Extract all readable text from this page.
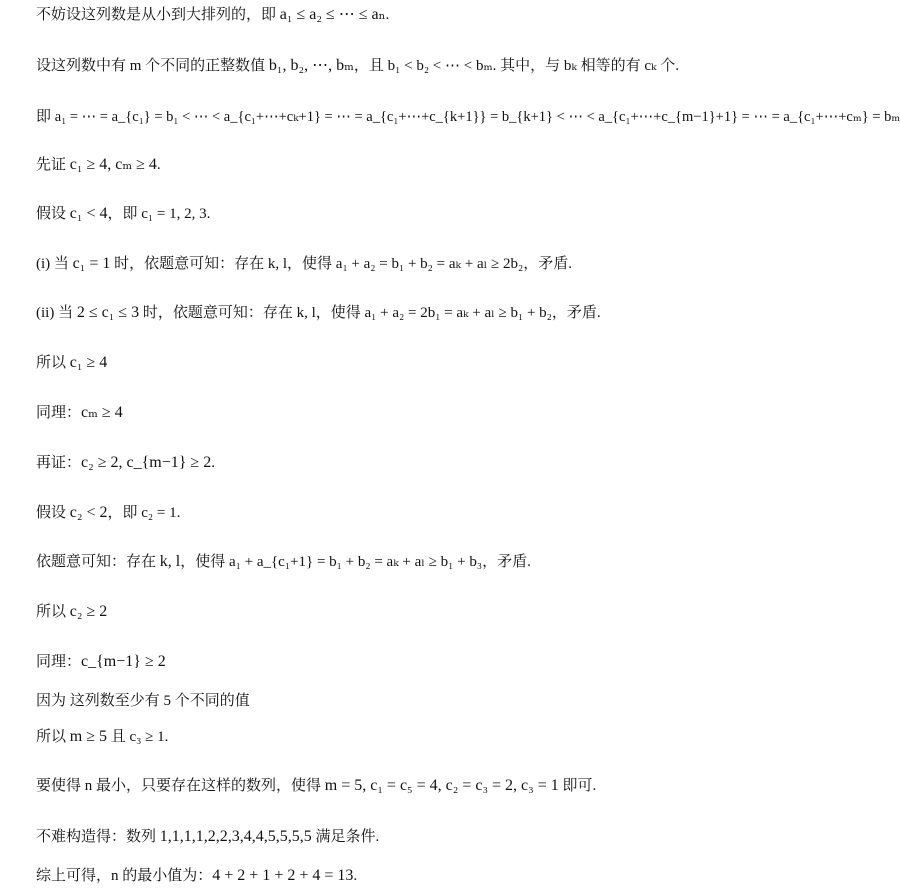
不妨设这列数是从小到大排列的，即 a₁ ≤ a₂ ≤ ⋯ ≤ aₙ.
设这列数中有 m 个不同的正整数值 b₁, b₂, ⋯, bₘ，且 b₁ < b₂ < ⋯ < bₘ. 其中，与 bₖ 相等的有 cₖ 个.
即 a₁ = ⋯ = a_{c₁} = b₁ < ⋯ < a_{c₁+⋯+cₖ+1} = ⋯ = a_{c₁+⋯+c_{k+1}} = b_{k+1} < ⋯ < a_{c₁+⋯+c_{m−1}+1} = ⋯ = a_{c₁+⋯+cₘ} = bₘ
先证 c₁ ≥ 4, cₘ ≥ 4.
假设 c₁ < 4，即 c₁ = 1, 2, 3.
(i) 当 c₁ = 1 时，依题意可知：存在 k, l，使得 a₁ + a₂ = b₁ + b₂ = aₖ + aₗ ≥ 2b₂，矛盾.
(ii) 当 2 ≤ c₁ ≤ 3 时，依题意可知：存在 k, l，使得 a₁ + a₂ = 2b₁ = aₖ + aₗ ≥ b₁ + b₂，矛盾.
所以 c₁ ≥ 4
同理：cₘ ≥ 4
再证：c₂ ≥ 2, c_{m−1} ≥ 2.
假设 c₂ < 2，即 c₂ = 1.
依题意可知：存在 k, l，使得 a₁ + a_{c₁+1} = b₁ + b₂ = aₖ + aₗ ≥ b₁ + b₃，矛盾.
所以 c₂ ≥ 2
同理：c_{m−1} ≥ 2
因为 这列数至少有 5 个不同的值
所以 m ≥ 5 且 c₃ ≥ 1.
要使得 n 最小，只要存在这样的数列，使得 m = 5, c₁ = c₅ = 4, c₂ = c₃ = 2, c₃ = 1 即可.
不难构造得：数列 1,1,1,1,2,2,3,4,4,5,5,5,5 满足条件.
综上可得，n 的最小值为：4 + 2 + 1 + 2 + 4 = 13.
